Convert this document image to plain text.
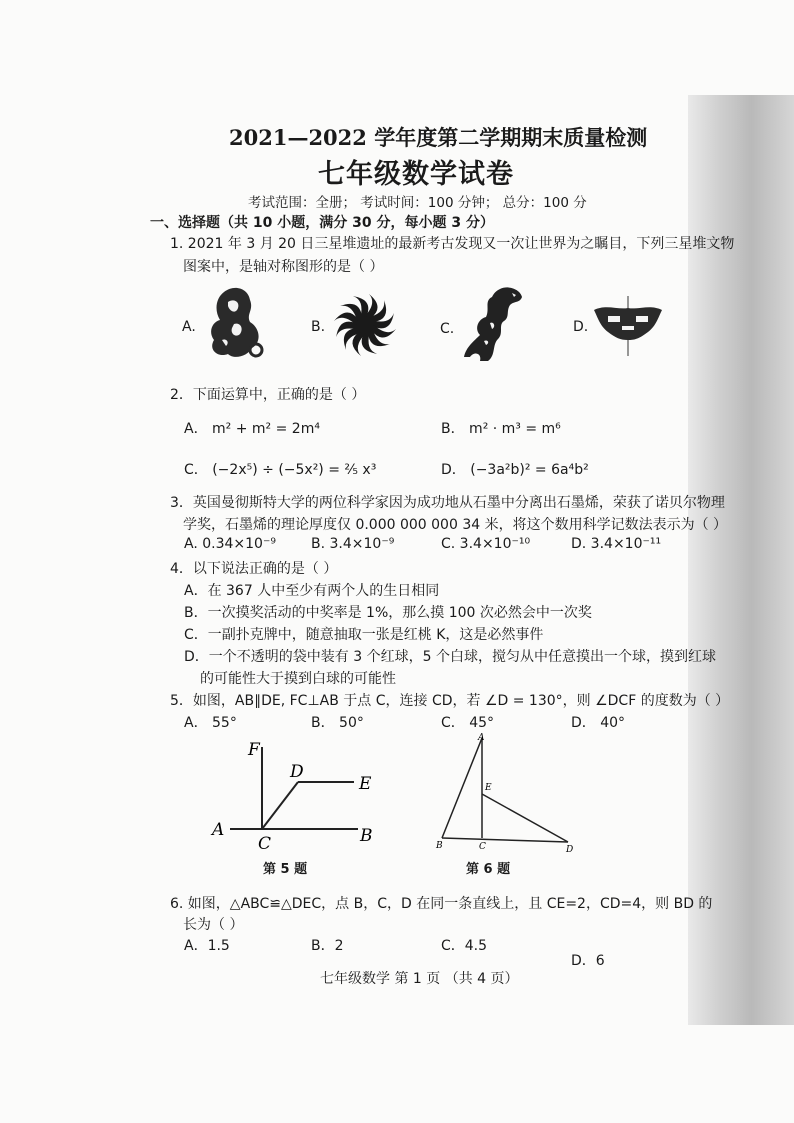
2021—2022 学年度第二学期期末质量检测
七年级数学试卷
考试范围：全册； 考试时间：100 分钟； 总分：100 分
一、选择题（共 10 小题，满分 30 分，每小题 3 分）
1. 2021 年 3 月 20 日三星堆遗址的最新考古发现又一次让世界为之瞩目，下列三星堆文物
图案中，是轴对称图形的是（ ）
A.	B.	C.	D.
2．下面运算中，正确的是（ ）
A． m² + m² = 2m⁴	B． m² · m³ = m⁶
C． (−2x⁵) ÷ (−5x²) = ²⁄₅ x³	D． (−3a²b)² = 6a⁴b²
3．英国曼彻斯特大学的两位科学家因为成功地从石墨中分离出石墨烯，荣获了诺贝尔物理
学奖，石墨烯的理论厚度仅 0.000 000 000 34 米，将这个数用科学记数法表示为（ ）
A. 0.34×10⁻⁹	B. 3.4×10⁻⁹	C. 3.4×10⁻¹⁰	D. 3.4×10⁻¹¹
4．以下说法正确的是（ ）
A．在 367 人中至少有两个人的生日相同
B．一次摸奖活动的中奖率是 1%，那么摸 100 次必然会中一次奖
C．一副扑克牌中，随意抽取一张是红桃 K，这是必然事件
D．一个不透明的袋中装有 3 个红球，5 个白球，搅匀从中任意摸出一个球，摸到红球
的可能性大于摸到白球的可能性
5．如图，AB∥DE, FC⊥AB 于点 C，连接 CD，若 ∠D = 130°，则 ∠DCF 的度数为（ ）
A． 55°	B． 50°	C． 45°	D． 40°
F
D
E
A
C	B
第 5 题
A
E
B	C	D
第 6 题
6. 如图，△ABC≌△DEC，点 B，C，D 在同一条直线上，且 CE=2，CD=4，则 BD 的
长为（ ）
A．1.5	B．2	C．4.5
D．6
七年级数学 第 1 页 （共 4 页）
